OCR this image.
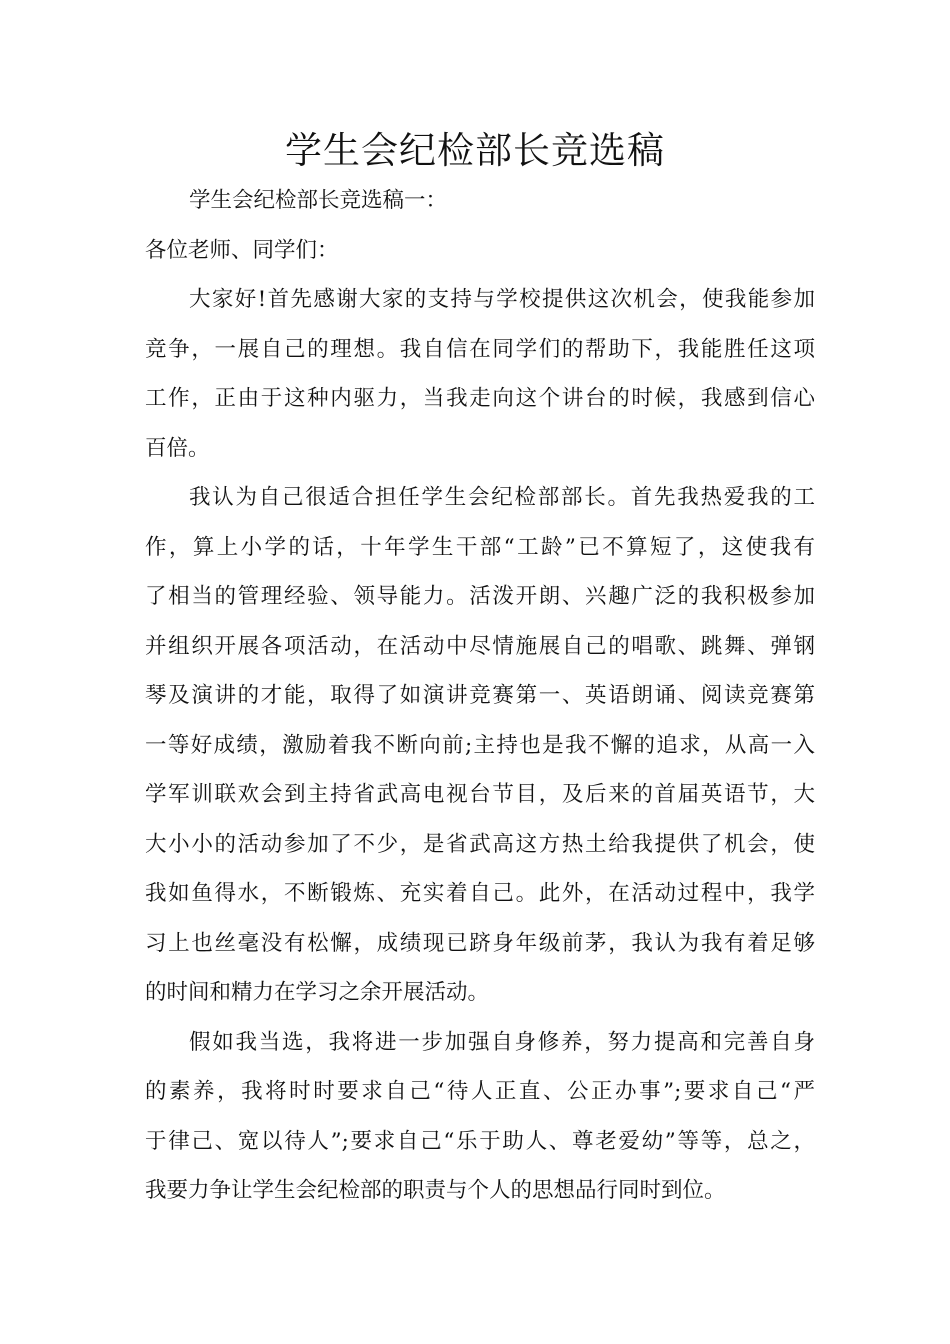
学生会纪检部长竞选稿
学生会纪检部长竞选稿一：
各位老师、同学们：
大家好!首先感谢大家的支持与学校提供这次机会，使我能参加
竞争，一展自己的理想。我自信在同学们的帮助下，我能胜任这项
工作，正由于这种内驱力，当我走向这个讲台的时候，我感到信心
百倍。
我认为自己很适合担任学生会纪检部部长。首先我热爱我的工
作，算上小学的话，十年学生干部“工龄”已不算短了，这使我有
了相当的管理经验、领导能力。活泼开朗、兴趣广泛的我积极参加
并组织开展各项活动，在活动中尽情施展自己的唱歌、跳舞、弹钢
琴及演讲的才能，取得了如演讲竞赛第一、英语朗诵、阅读竞赛第
一等好成绩，激励着我不断向前;主持也是我不懈的追求，从高一入
学军训联欢会到主持省武高电视台节目，及后来的首届英语节，大
大小小的活动参加了不少，是省武高这方热土给我提供了机会，使
我如鱼得水，不断锻炼、充实着自己。此外，在活动过程中，我学
习上也丝毫没有松懈，成绩现已跻身年级前茅，我认为我有着足够
的时间和精力在学习之余开展活动。
假如我当选，我将进一步加强自身修养，努力提高和完善自身
的素养，我将时时要求自己“待人正直、公正办事”;要求自己“严
于律己、宽以待人”;要求自己“乐于助人、尊老爱幼”等等，总之，
我要力争让学生会纪检部的职责与个人的思想品行同时到位。
